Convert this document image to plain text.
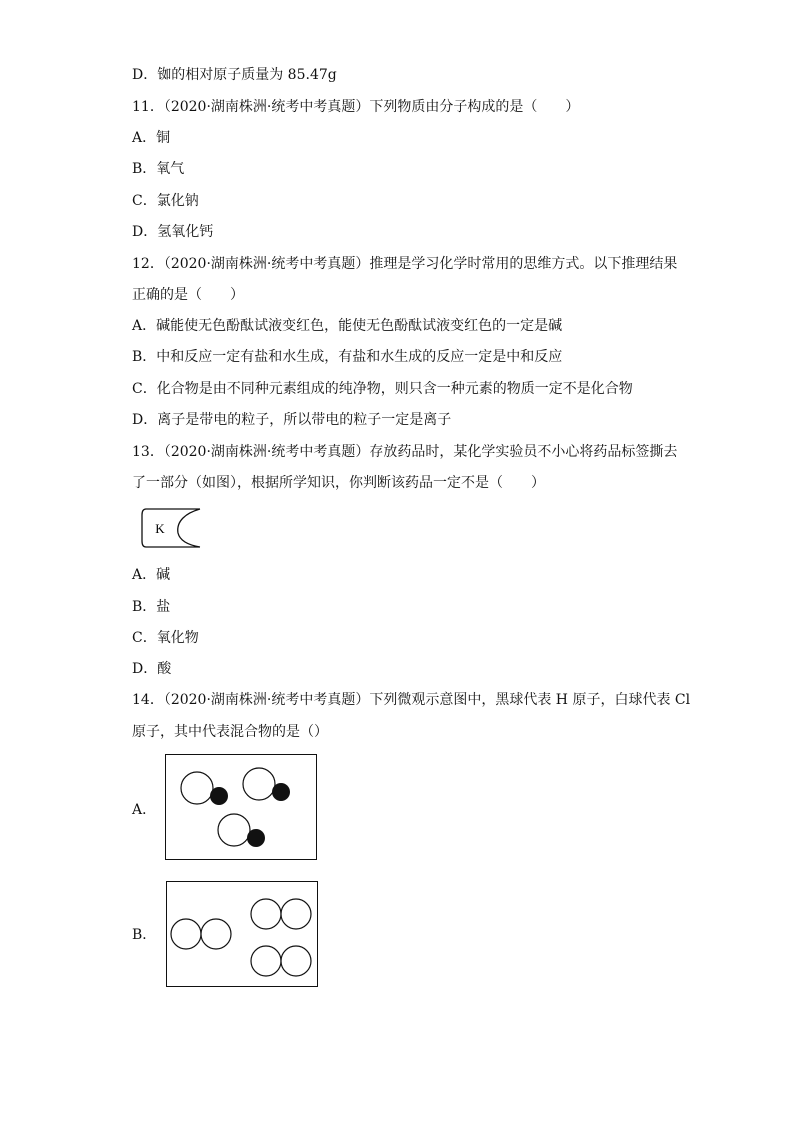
D．铷的相对原子质量为 85.47g
11．（2020·湖南株洲·统考中考真题）下列物质由分子构成的是（　　）
A．铜
B．氧气
C．氯化钠
D．氢氧化钙
12．（2020·湖南株洲·统考中考真题）推理是学习化学时常用的思维方式。以下推理结果
正确的是（　　）
A．碱能使无色酚酞试液变红色，能使无色酚酞试液变红色的一定是碱
B．中和反应一定有盐和水生成，有盐和水生成的反应一定是中和反应
C．化合物是由不同种元素组成的纯净物，则只含一种元素的物质一定不是化合物
D．离子是带电的粒子，所以带电的粒子一定是离子
13．（2020·湖南株洲·统考中考真题）存放药品时，某化学实验员不小心将药品标签撕去
了一部分（如图），根据所学知识，你判断该药品一定不是（　　）
K
A．碱
B．盐
C．氧化物
D．酸
14．（2020·湖南株洲·统考中考真题）下列微观示意图中，黑球代表 H 原子，白球代表 Cl
原子，其中代表混合物的是（）
A．
B．
